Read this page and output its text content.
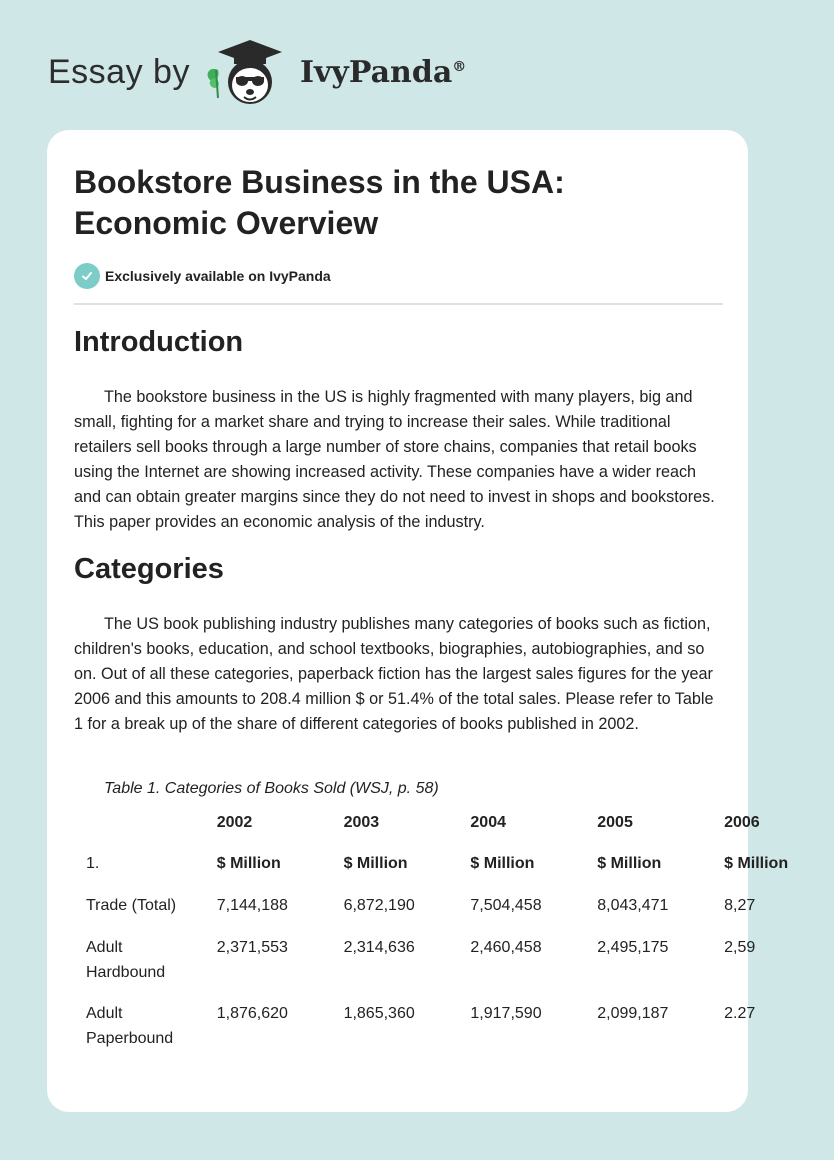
Essay by	IvyPanda®
Bookstore Business in the USA: Economic Overview
Exclusively available on IvyPanda
Introduction

The bookstore business in the US is highly fragmented with many players, big and small, fighting for a market share and trying to increase their sales. While traditional retailers sell books through a large number of store chains, companies that retail books using the Internet are showing increased activity. These companies have a wider reach and can obtain greater margins since they do not need to invest in shops and bookstores. This paper provides an economic analysis of the industry.

Categories

The US book publishing industry publishes many categories of books such as fiction, children's books, education, and school textbooks, biographies, autobiographies, and so on. Out of all these categories, paperback fiction has the largest sales figures for the year 2006 and this amounts to 208.4 million $ or 51.4% of the total sales. Please refer to Table 1 for a break up of the share of different categories of books published in 2002.

Table 1. Categories of Books Sold (WSJ, p. 58)
	2002	2003	2004	2005	2006
1.	$ Million	$ Million	$ Million	$ Million	$ Million
Trade (Total)	7,144,188	6,872,190	7,504,458	8,043,471	8,27
Adult Hardbound	2,371,553	2,314,636	2,460,458	2,495,175	2,59
Adult Paperbound	1,876,620	1,865,360	1,917,590	2,099,187	2.27
